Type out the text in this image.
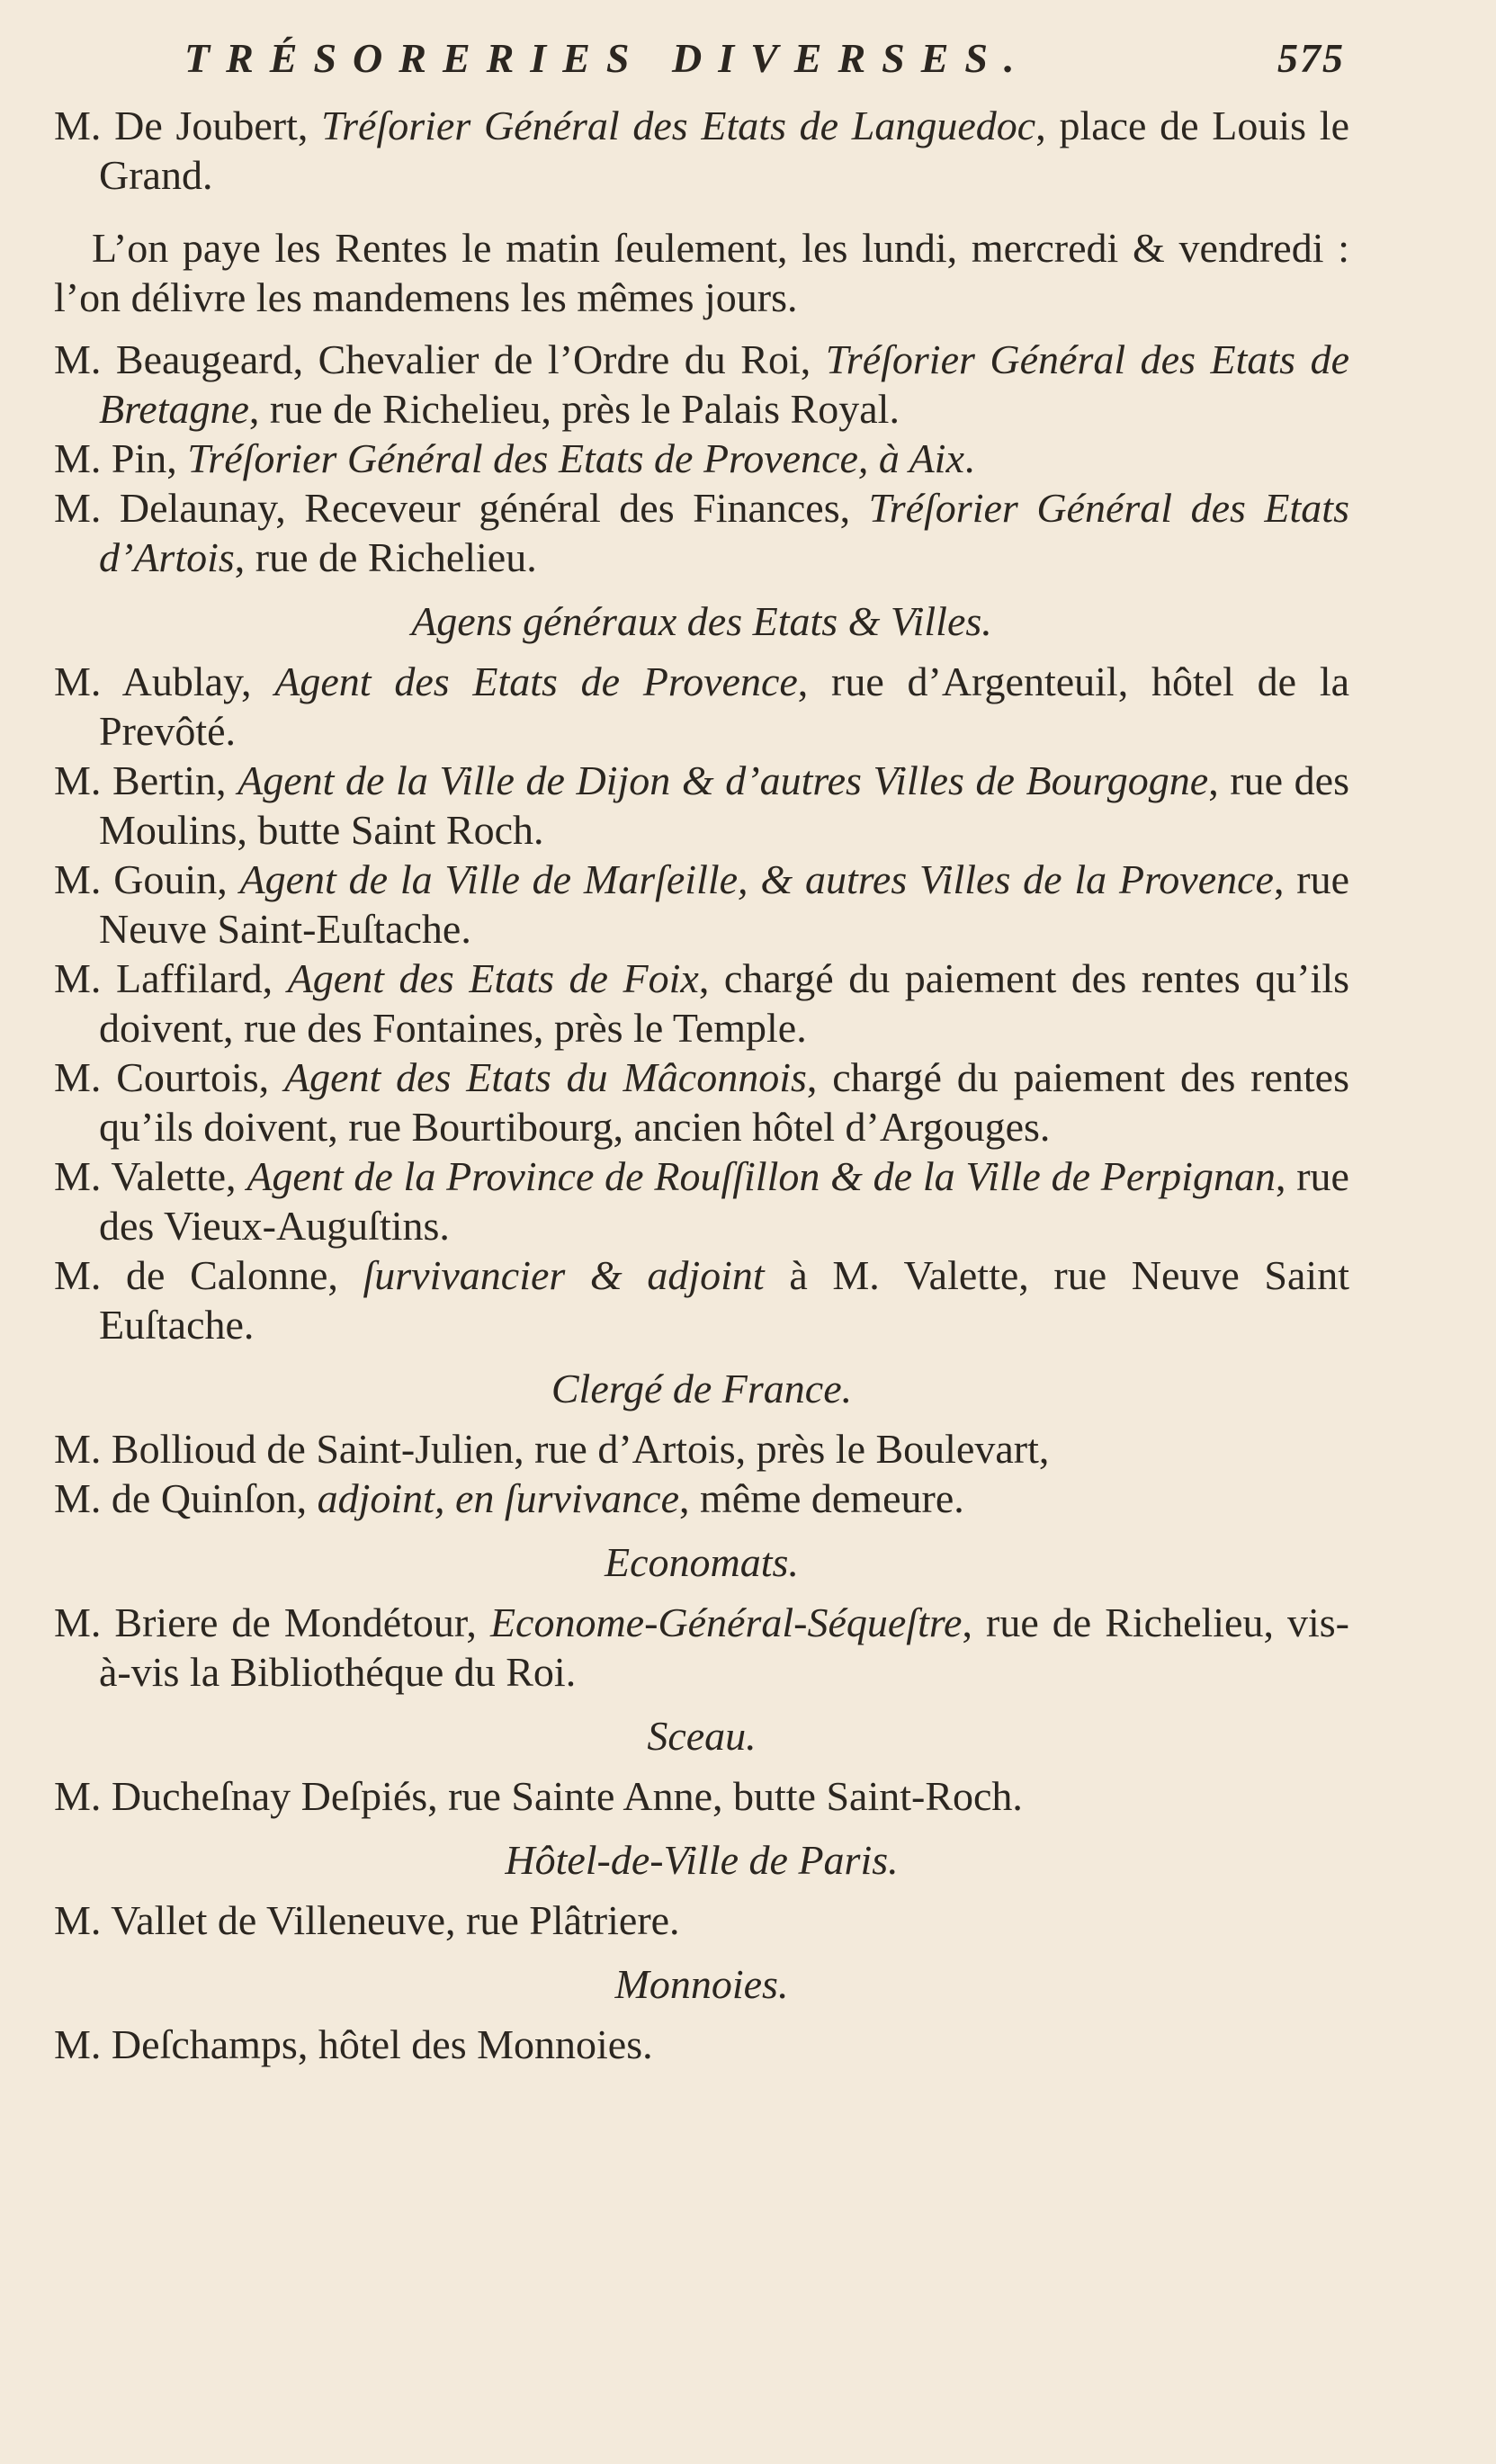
TRÉSORERIES DIVERSES.	575

M. De Joubert, Tréſorier Général des Etats de Languedoc, place de Louis le Grand.

L’on paye les Rentes le matin ſeulement, les lundi, mercredi & vendredi : l’on délivre les mandemens les mêmes jours.

M. Beaugeard, Chevalier de l’Ordre du Roi, Tréſorier Général des Etats de Bretagne, rue de Richelieu, près le Palais Royal.

M. Pin, Tréſorier Général des Etats de Provence, à Aix.

M. Delaunay, Receveur général des Finances, Tréſorier Général des Etats d’Artois, rue de Richelieu.

Agens généraux des Etats & Villes.

M. Aublay, Agent des Etats de Provence, rue d’Argenteuil, hôtel de la Prevôté.

M. Bertin, Agent de la Ville de Dijon & d’autres Villes de Bourgogne, rue des Moulins, butte Saint Roch.

M. Gouin, Agent de la Ville de Marſeille, & autres Villes de la Provence, rue Neuve Saint-Euſtache.

M. Laffilard, Agent des Etats de Foix, chargé du paiement des rentes qu’ils doivent, rue des Fontaines, près le Temple.

M. Courtois, Agent des Etats du Mâconnois, chargé du paiement des rentes qu’ils doivent, rue Bourtibourg, ancien hôtel d’Argouges.

M. Valette, Agent de la Province de Rouſſillon & de la Ville de Perpignan, rue des Vieux-Auguſtins.

M. de Calonne, ſurvivancier & adjoint à M. Valette, rue Neuve Saint Euſtache.

Clergé de France.

M. Bollioud de Saint-Julien, rue d’Artois, près le Boulevart,

M. de Quinſon, adjoint, en ſurvivance, même demeure.

Economats.

M. Briere de Mondétour, Econome-Général-Séqueſtre, rue de Richelieu, vis-à-vis la Bibliothéque du Roi.

Sceau.

M. Ducheſnay Deſpiés, rue Sainte Anne, butte Saint-Roch.

Hôtel-de-Ville de Paris.

M. Vallet de Villeneuve, rue Plâtriere.

Monnoies.

M. Deſchamps, hôtel des Monnoies.
